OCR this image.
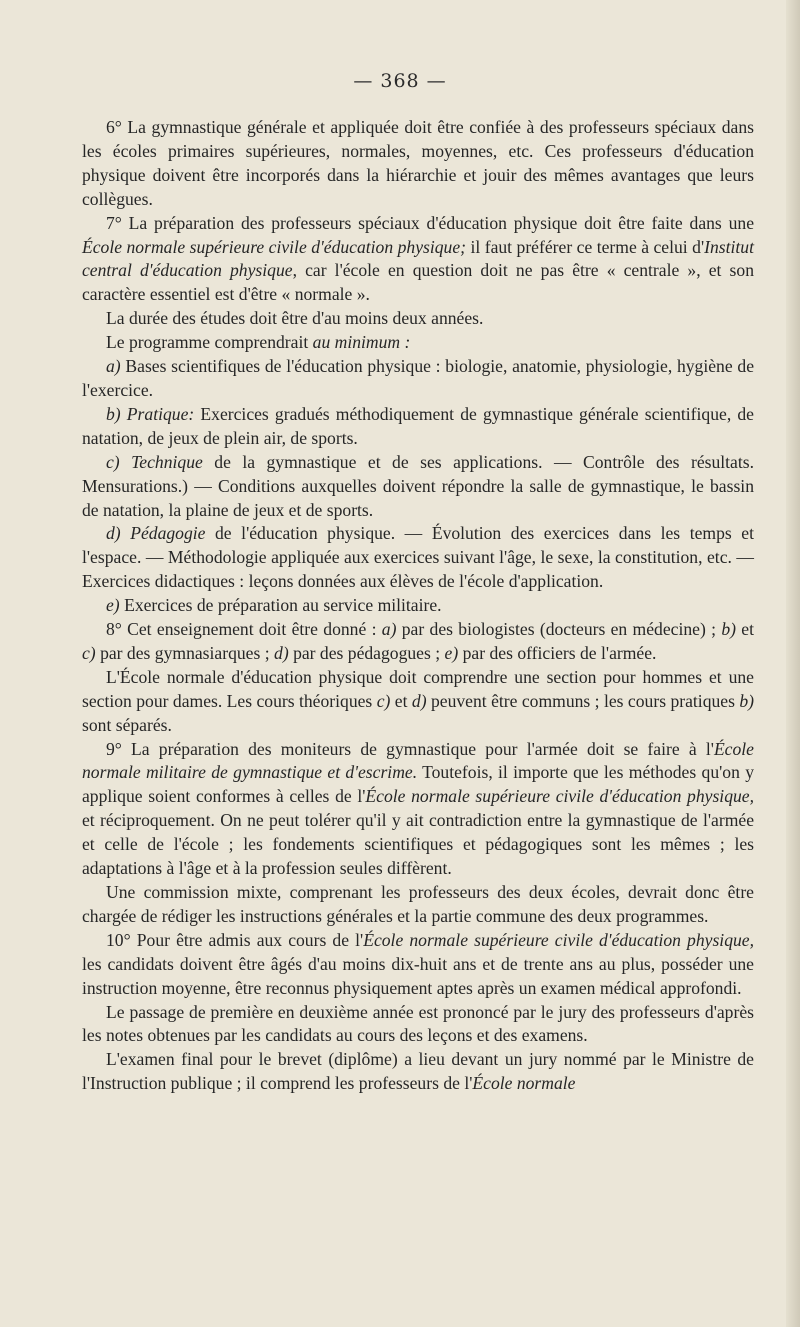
— 368 —

6° La gymnastique générale et appliquée doit être confiée à des professeurs spéciaux dans les écoles primaires supérieures, normales, moyennes, etc. Ces professeurs d'éducation physique doivent être incorporés dans la hiérarchie et jouir des mêmes avantages que leurs collègues.

7° La préparation des professeurs spéciaux d'éducation physique doit être faite dans une École normale supérieure civile d'éducation physique; il faut préférer ce terme à celui d'Institut central d'éducation physique, car l'école en question doit ne pas être « centrale », et son caractère essentiel est d'être « normale ».

La durée des études doit être d'au moins deux années.

Le programme comprendrait au minimum :

a) Bases scientifiques de l'éducation physique : biologie, anatomie, physiologie, hygiène de l'exercice.

b) Pratique: Exercices gradués méthodiquement de gymnastique générale scientifique, de natation, de jeux de plein air, de sports.

c) Technique de la gymnastique et de ses applications. — Contrôle des résultats. Mensurations.) — Conditions auxquelles doivent répondre la salle de gymnastique, le bassin de natation, la plaine de jeux et de sports.

d) Pédagogie de l'éducation physique. — Évolution des exercices dans les temps et l'espace. — Méthodologie appliquée aux exercices suivant l'âge, le sexe, la constitution, etc. — Exercices didactiques : leçons données aux élèves de l'école d'application.

e) Exercices de préparation au service militaire.

8° Cet enseignement doit être donné : a) par des biologistes (docteurs en médecine) ; b) et c) par des gymnasiarques ; d) par des pédagogues ; e) par des officiers de l'armée.

L'École normale d'éducation physique doit comprendre une section pour hommes et une section pour dames. Les cours théoriques c) et d) peuvent être communs ; les cours pratiques b) sont séparés.

9° La préparation des moniteurs de gymnastique pour l'armée doit se faire à l'École normale militaire de gymnastique et d'escrime. Toutefois, il importe que les méthodes qu'on y applique soient conformes à celles de l'École normale supérieure civile d'éducation physique, et réciproquement. On ne peut tolérer qu'il y ait contradiction entre la gymnastique de l'armée et celle de l'école ; les fondements scientifiques et pédagogiques sont les mêmes ; les adaptations à l'âge et à la profession seules diffèrent.

Une commission mixte, comprenant les professeurs des deux écoles, devrait donc être chargée de rédiger les instructions générales et la partie commune des deux programmes.

10° Pour être admis aux cours de l'École normale supérieure civile d'éducation physique, les candidats doivent être âgés d'au moins dix-huit ans et de trente ans au plus, posséder une instruction moyenne, être reconnus physiquement aptes après un examen médical approfondi.

Le passage de première en deuxième année est prononcé par le jury des professeurs d'après les notes obtenues par les candidats au cours des leçons et des examens.

L'examen final pour le brevet (diplôme) a lieu devant un jury nommé par le Ministre de l'Instruction publique ; il comprend les professeurs de l'École normale
